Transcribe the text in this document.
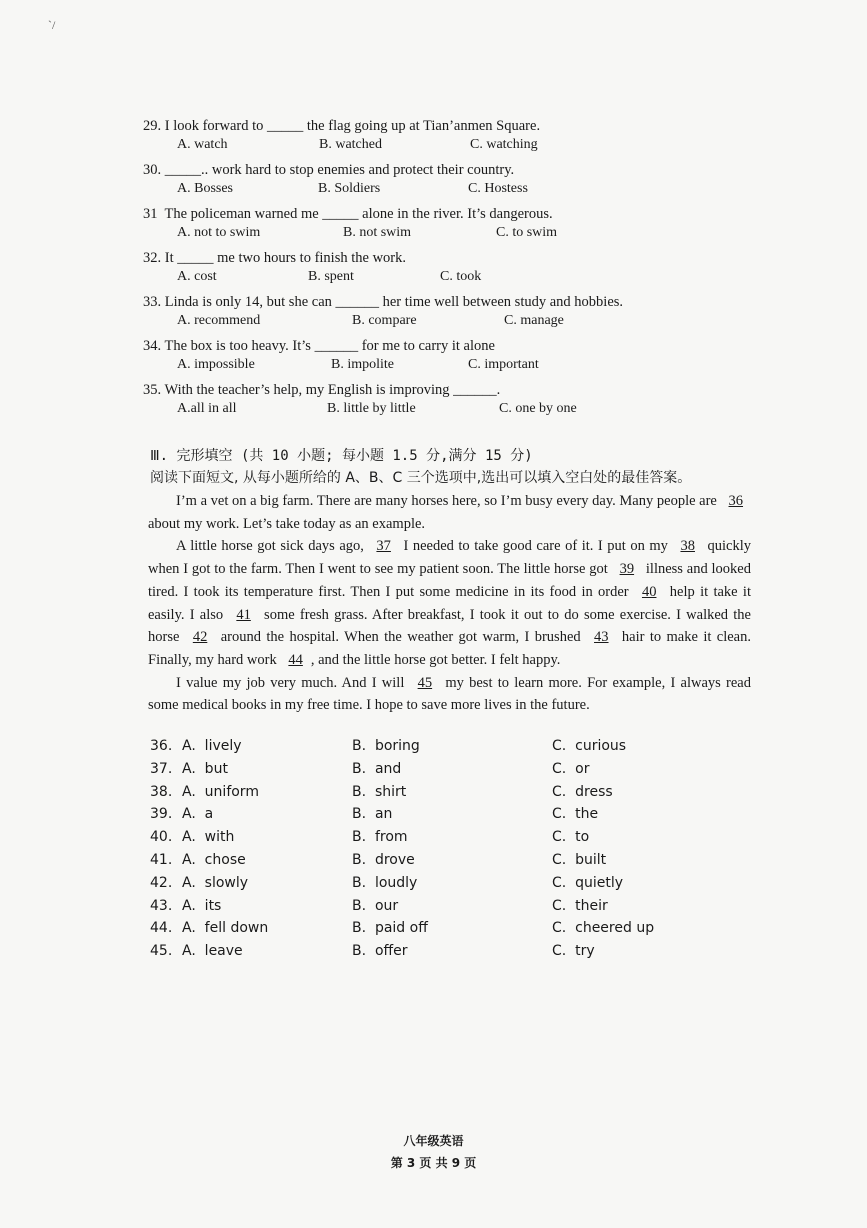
ˋ/
29. I look forward to _____ the flag going up at Tian’anmen Square.
A. watch	B. watched	C. watching
30. _____.. work hard to stop enemies and protect their country.
A. Bosses	B. Soldiers	C. Hostess
31  The policeman warned me _____ alone in the river. It’s dangerous.
A. not to swim	B. not swim	C. to swim
32. It _____ me two hours to finish the work.
A. cost	B. spent	C. took
33. Linda is only 14, but she can ______ her time well between study and hobbies.
A. recommend	B. compare	C. manage
34. The box is too heavy. It’s ______ for me to carry it alone
A. impossible	B. impolite	C. important
35. With the teacher’s help, my English is improving ______.
A.all in all	B. little by little	C. one by one
Ⅲ. 完形填空 (共 10 小题; 每小题 1.5 分,满分 15 分)
阅读下面短文, 从每小题所给的 A、B、C 三个选项中,选出可以填入空白处的最佳答案。

I’m a vet on a big farm. There are many horses here, so I’m busy every day. Many people are 36 about my work. Let’s take today as an example.

A little horse got sick days ago, 37 I needed to take good care of it. I put on my 38 quickly when I got to the farm. Then I went to see my patient soon. The little horse got 39 illness and looked tired. I took its temperature first. Then I put some medicine in its food in order 40 help it take it easily. I also 41 some fresh grass. After breakfast, I took it out to do some exercise. I walked the horse 42 around the hospital. When the weather got warm, I brushed 43 hair to make it clean. Finally, my hard work 44 , and the little horse got better. I felt happy.

I value my job very much. And I will 45 my best to learn more. For example, I always read some medical books in my free time. I hope to save more lives in the future.

36. A.  lively	B.  boring	C.  curious
37. A.  but	B.  and	C.  or
38. A.  uniform	B.  shirt	C.  dress
39. A.  a	B.  an	C.  the
40. A.  with	B.  from	C.  to
41. A.  chose	B.  drove	C.  built
42. A.  slowly	B.  loudly	C.  quietly
43. A.  its	B.  our	C.  their
44. A.  fell down	B.  paid off	C.  cheered up
45. A.  leave	B.  offer	C.  try
八年级英语
第 3 页 共 9 页
